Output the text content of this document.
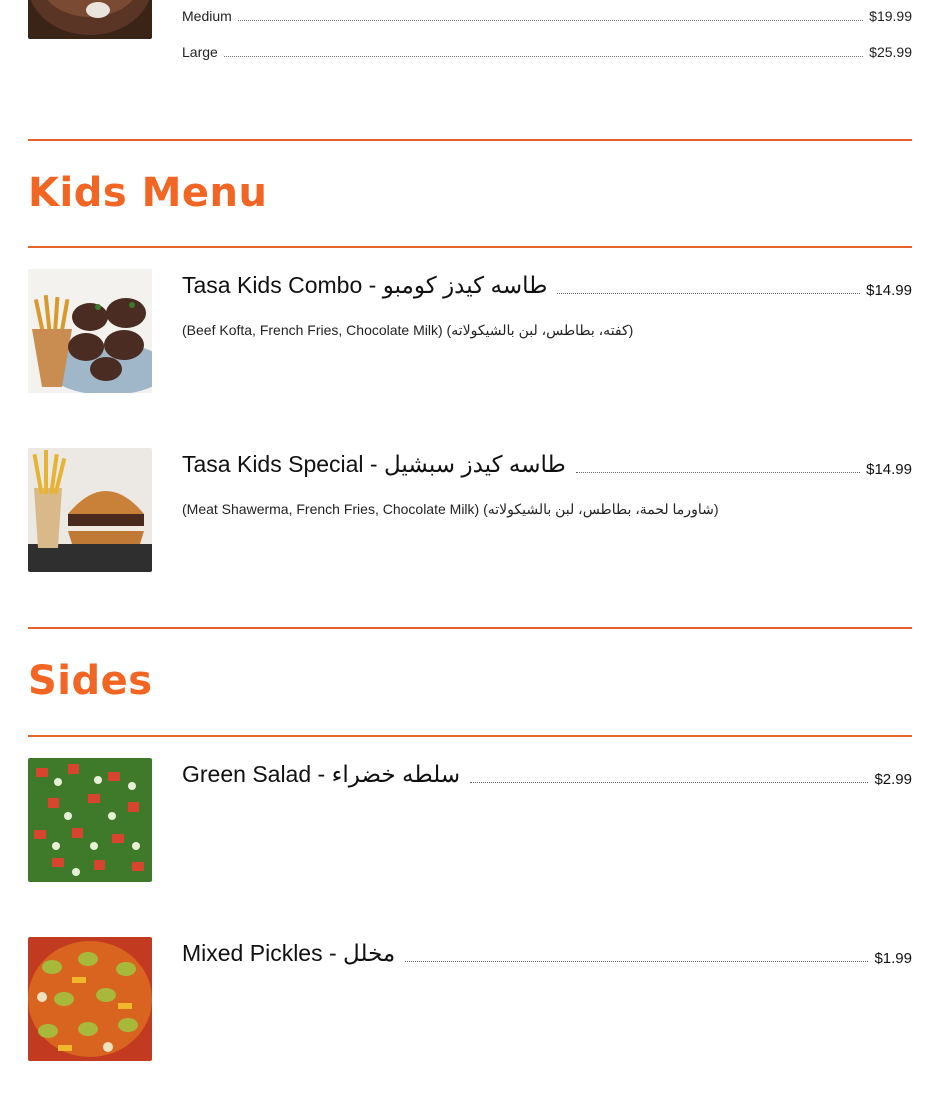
Medium	$19.99
Large	$25.99
Kids Menu
Tasa Kids Combo - طاسه كيدز كومبو	$14.99
(Beef Kofta, French Fries, Chocolate Milk) (كفته، بطاطس، لبن بالشيكولاته)
Tasa Kids Special - طاسه كيدز سبشيل	$14.99
(Meat Shawerma, French Fries, Chocolate Milk) (شاورما لحمة، بطاطس، لبن بالشيكولاته)
Sides
Green Salad - سلطه خضراء	$2.99
Mixed Pickles - مخلل	$1.99
